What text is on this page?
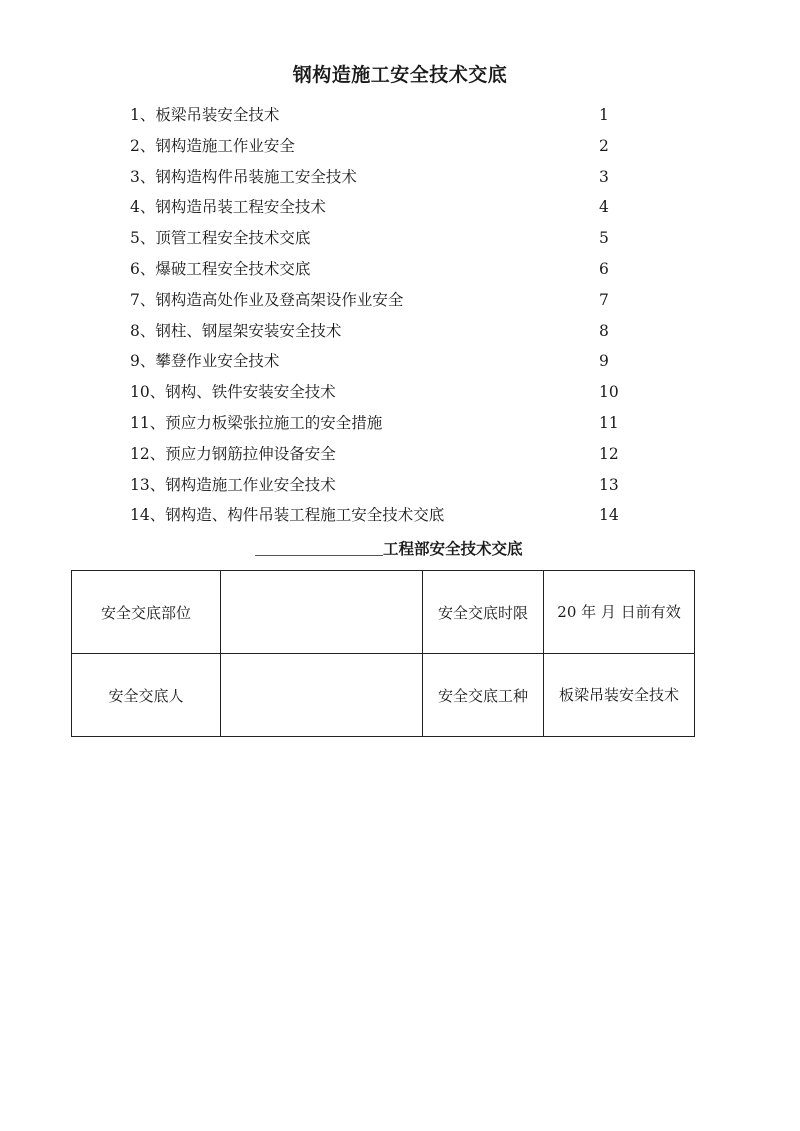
钢构造施工安全技术交底
1、板梁吊装安全技术	1
2、钢构造施工作业安全	2
3、钢构造构件吊装施工安全技术	3
4、钢构造吊装工程安全技术	4
5、顶管工程安全技术交底	5
6、爆破工程安全技术交底	6
7、钢构造高处作业及登高架设作业安全	7
8、钢柱、钢屋架安装安全技术	8
9、攀登作业安全技术	9
10、钢构、铁件安装安全技术	10
11、预应力板梁张拉施工的安全措施	11
12、预应力钢筋拉伸设备安全	12
13、钢构造施工作业安全技术	13
14、钢构造、构件吊装工程施工安全技术交底	14
工程部安全技术交底
安全交底部位		安全交底时限	20 年 月 日前有效
安全交底人		安全交底工种	板梁吊装安全技术
